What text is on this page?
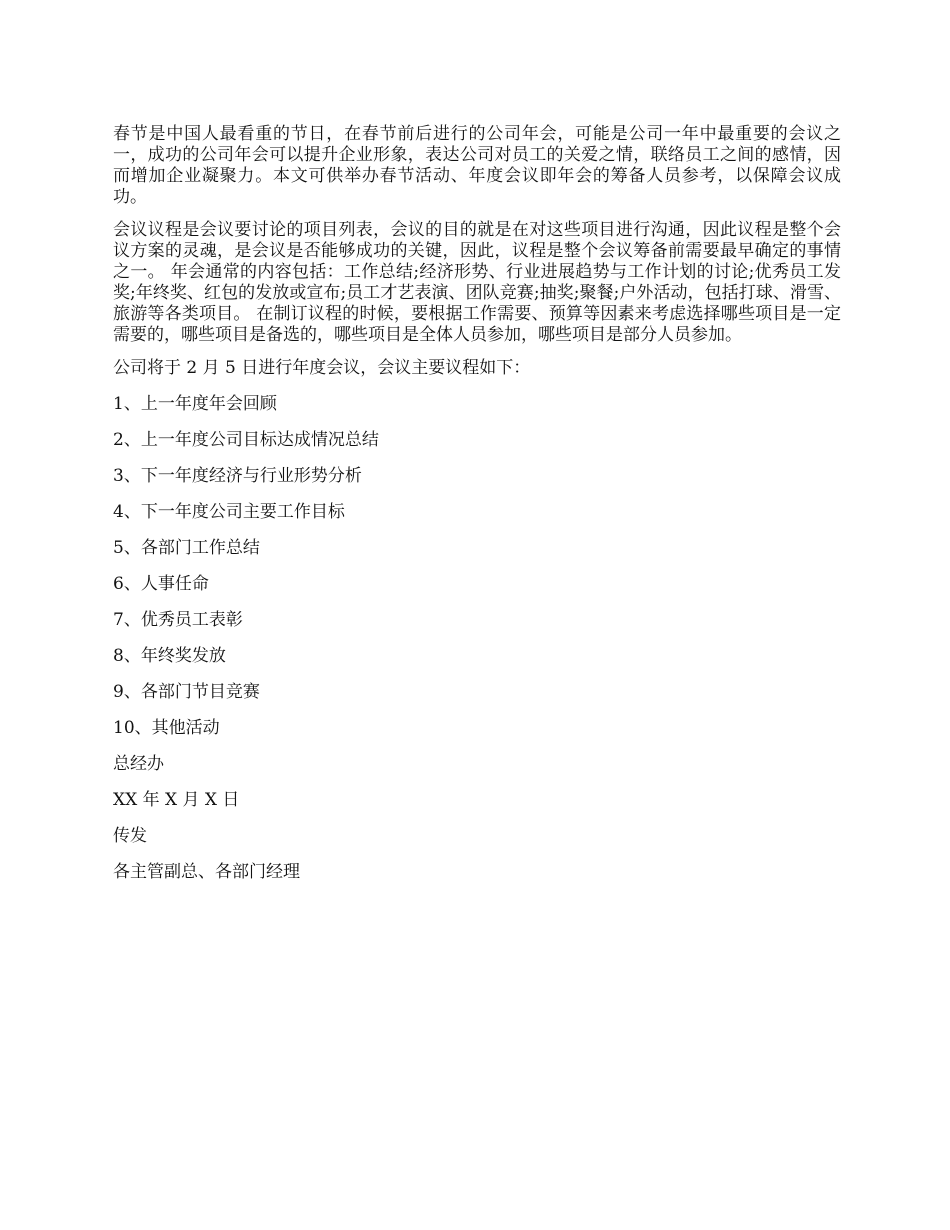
春节是中国人最看重的节日，在春节前后进行的公司年会，可能是公司一年中最重要的会议之一，成功的公司年会可以提升企业形象，表达公司对员工的关爱之情，联络员工之间的感情，因而增加企业凝聚力。本文可供举办春节活动、年度会议即年会的筹备人员参考，以保障会议成功。

会议议程是会议要讨论的项目列表，会议的目的就是在对这些项目进行沟通，因此议程是整个会议方案的灵魂，是会议是否能够成功的关键，因此，议程是整个会议筹备前需要最早确定的事情之一。 年会通常的内容包括：工作总结;经济形势、行业进展趋势与工作计划的讨论;优秀员工发奖;年终奖、红包的发放或宣布;员工才艺表演、团队竞赛;抽奖;聚餐;户外活动，包括打球、滑雪、旅游等各类项目。 在制订议程的时候，要根据工作需要、预算等因素来考虑选择哪些项目是一定需要的，哪些项目是备选的，哪些项目是全体人员参加，哪些项目是部分人员参加。

公司将于 2 月 5 日进行年度会议，会议主要议程如下：

1、上一年度年会回顾

2、上一年度公司目标达成情况总结

3、下一年度经济与行业形势分析

4、下一年度公司主要工作目标

5、各部门工作总结

6、人事任命

7、优秀员工表彰

8、年终奖发放

9、各部门节目竞赛

10、其他活动

总经办

XX 年 X 月 X 日

传发

各主管副总、各部门经理
